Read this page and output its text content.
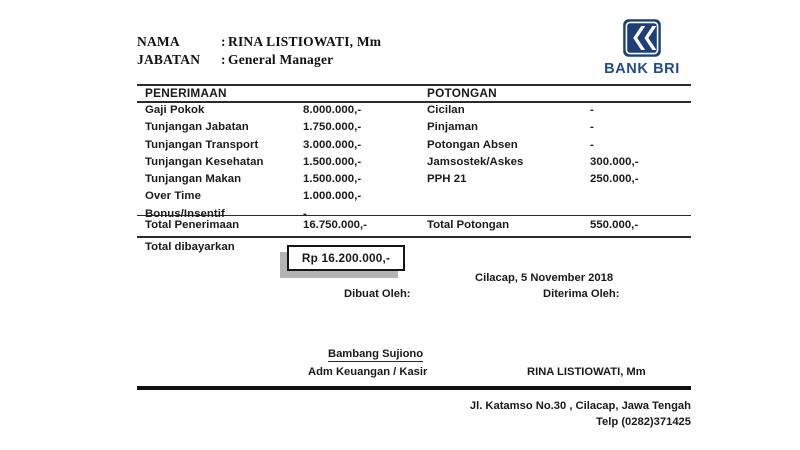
NAMA	: RINA LISTIOWATI, Mm
JABATAN	: General Manager
BANK BRI
PENERIMAAN	POTONGAN
Gaji Pokok	8.000.000,-	Cicilan	-
Tunjangan Jabatan	1.750.000,-	Pinjaman	-
Tunjangan Transport	3.000.000,-	Potongan Absen	-
Tunjangan Kesehatan	1.500.000,-	Jamsostek/Askes	300.000,-
Tunjangan Makan	1.500.000,-	PPH 21	250.000,-
Over Time	1.000.000,-
Bonus/Insentif	-
Total Penerimaan	16.750.000,-	Total Potongan	550.000,-
Total dibayarkan
Rp 16.200.000,-
Cilacap, 5 November 2018
Dibuat Oleh:	Diterima Oleh:
Bambang Sujiono
Adm Keuangan / Kasir	RINA LISTIOWATI, Mm
Jl. Katamso No.30 , Cilacap, Jawa Tengah
Telp (0282)371425
